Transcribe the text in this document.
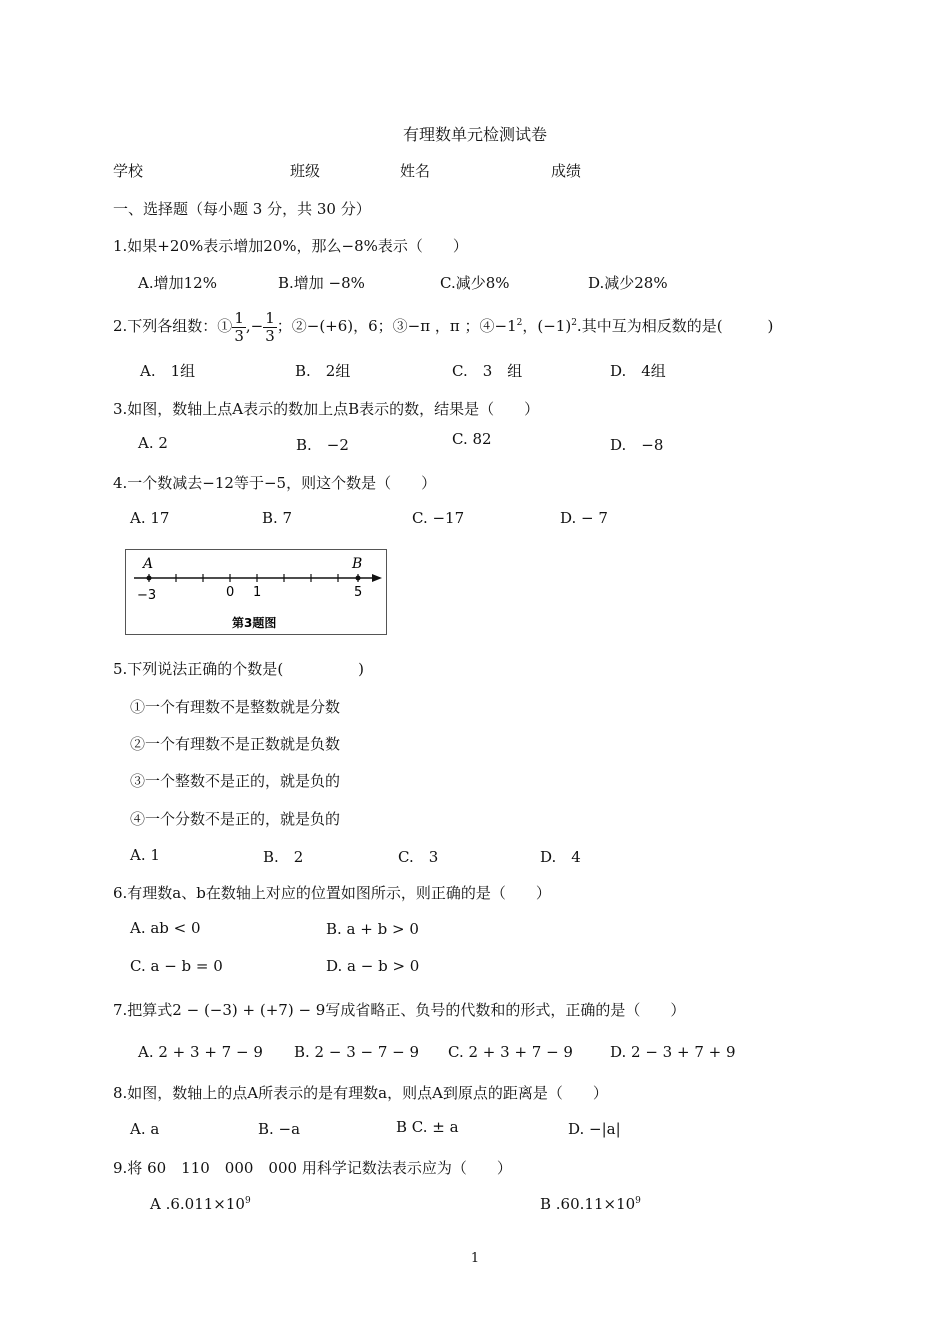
有理数单元检测试卷
学校	班级	姓名	成绩
一、选择题（每小题 3 分，共 30 分）
1.如果+20%表示增加20%，那么−8%表示（　　）
A.增加12%	B.增加 −8%	C.减少8%	D.减少28%
2.下列各组数：① $\frac{1}{3}$ ,− $\frac{1}{3}$ ；②−(+6)，6；③−π ，π ；$④-1^2$，$(-1)^2$.其中互为相反数的是(　　　)
A.　1组	B.　2组	C.　3　组	D.　4组
3.如图，数轴上点A表示的数加上点B表示的数，结果是（　　）
A. 2	B.　−2	C. 82	D.　−8
4.一个数减去−12等于−5，则这个数是（　　）
A. 17	B. 7	C. −17	D. − 7
A	B
−3	0 1	5
第3题图
5.下列说法正确的个数是(　　　　　)
①一个有理数不是整数就是分数
②一个有理数不是正数就是负数
③一个整数不是正的，就是负的
④一个分数不是正的，就是负的
A. 1	B.　2	C.　3	D.　4
6.有理数a、b在数轴上对应的位置如图所示，则正确的是（　　）
A. ab < 0	B. a + b > 0
C. a − b = 0	D. a − b > 0
7.把算式2 − (−3) + (+7) − 9写成省略正、负号的代数和的形式，正确的是（　　）
A. 2 + 3 + 7 − 9 B. 2 − 3 − 7 − 9 C. 2 + 3 + 7 − 9 D. 2 − 3 + 7 + 9
8.如图，数轴上的点A所表示的是有理数a，则点A到原点的距离是（　　）
A. a	B. −a	B C. ± a	D. −|a|
9.将 60　110　000　000 用科学记数法表示应为（　　）
A $.6.011\times 10^9$	B $.60.11\times 10^9$
1
